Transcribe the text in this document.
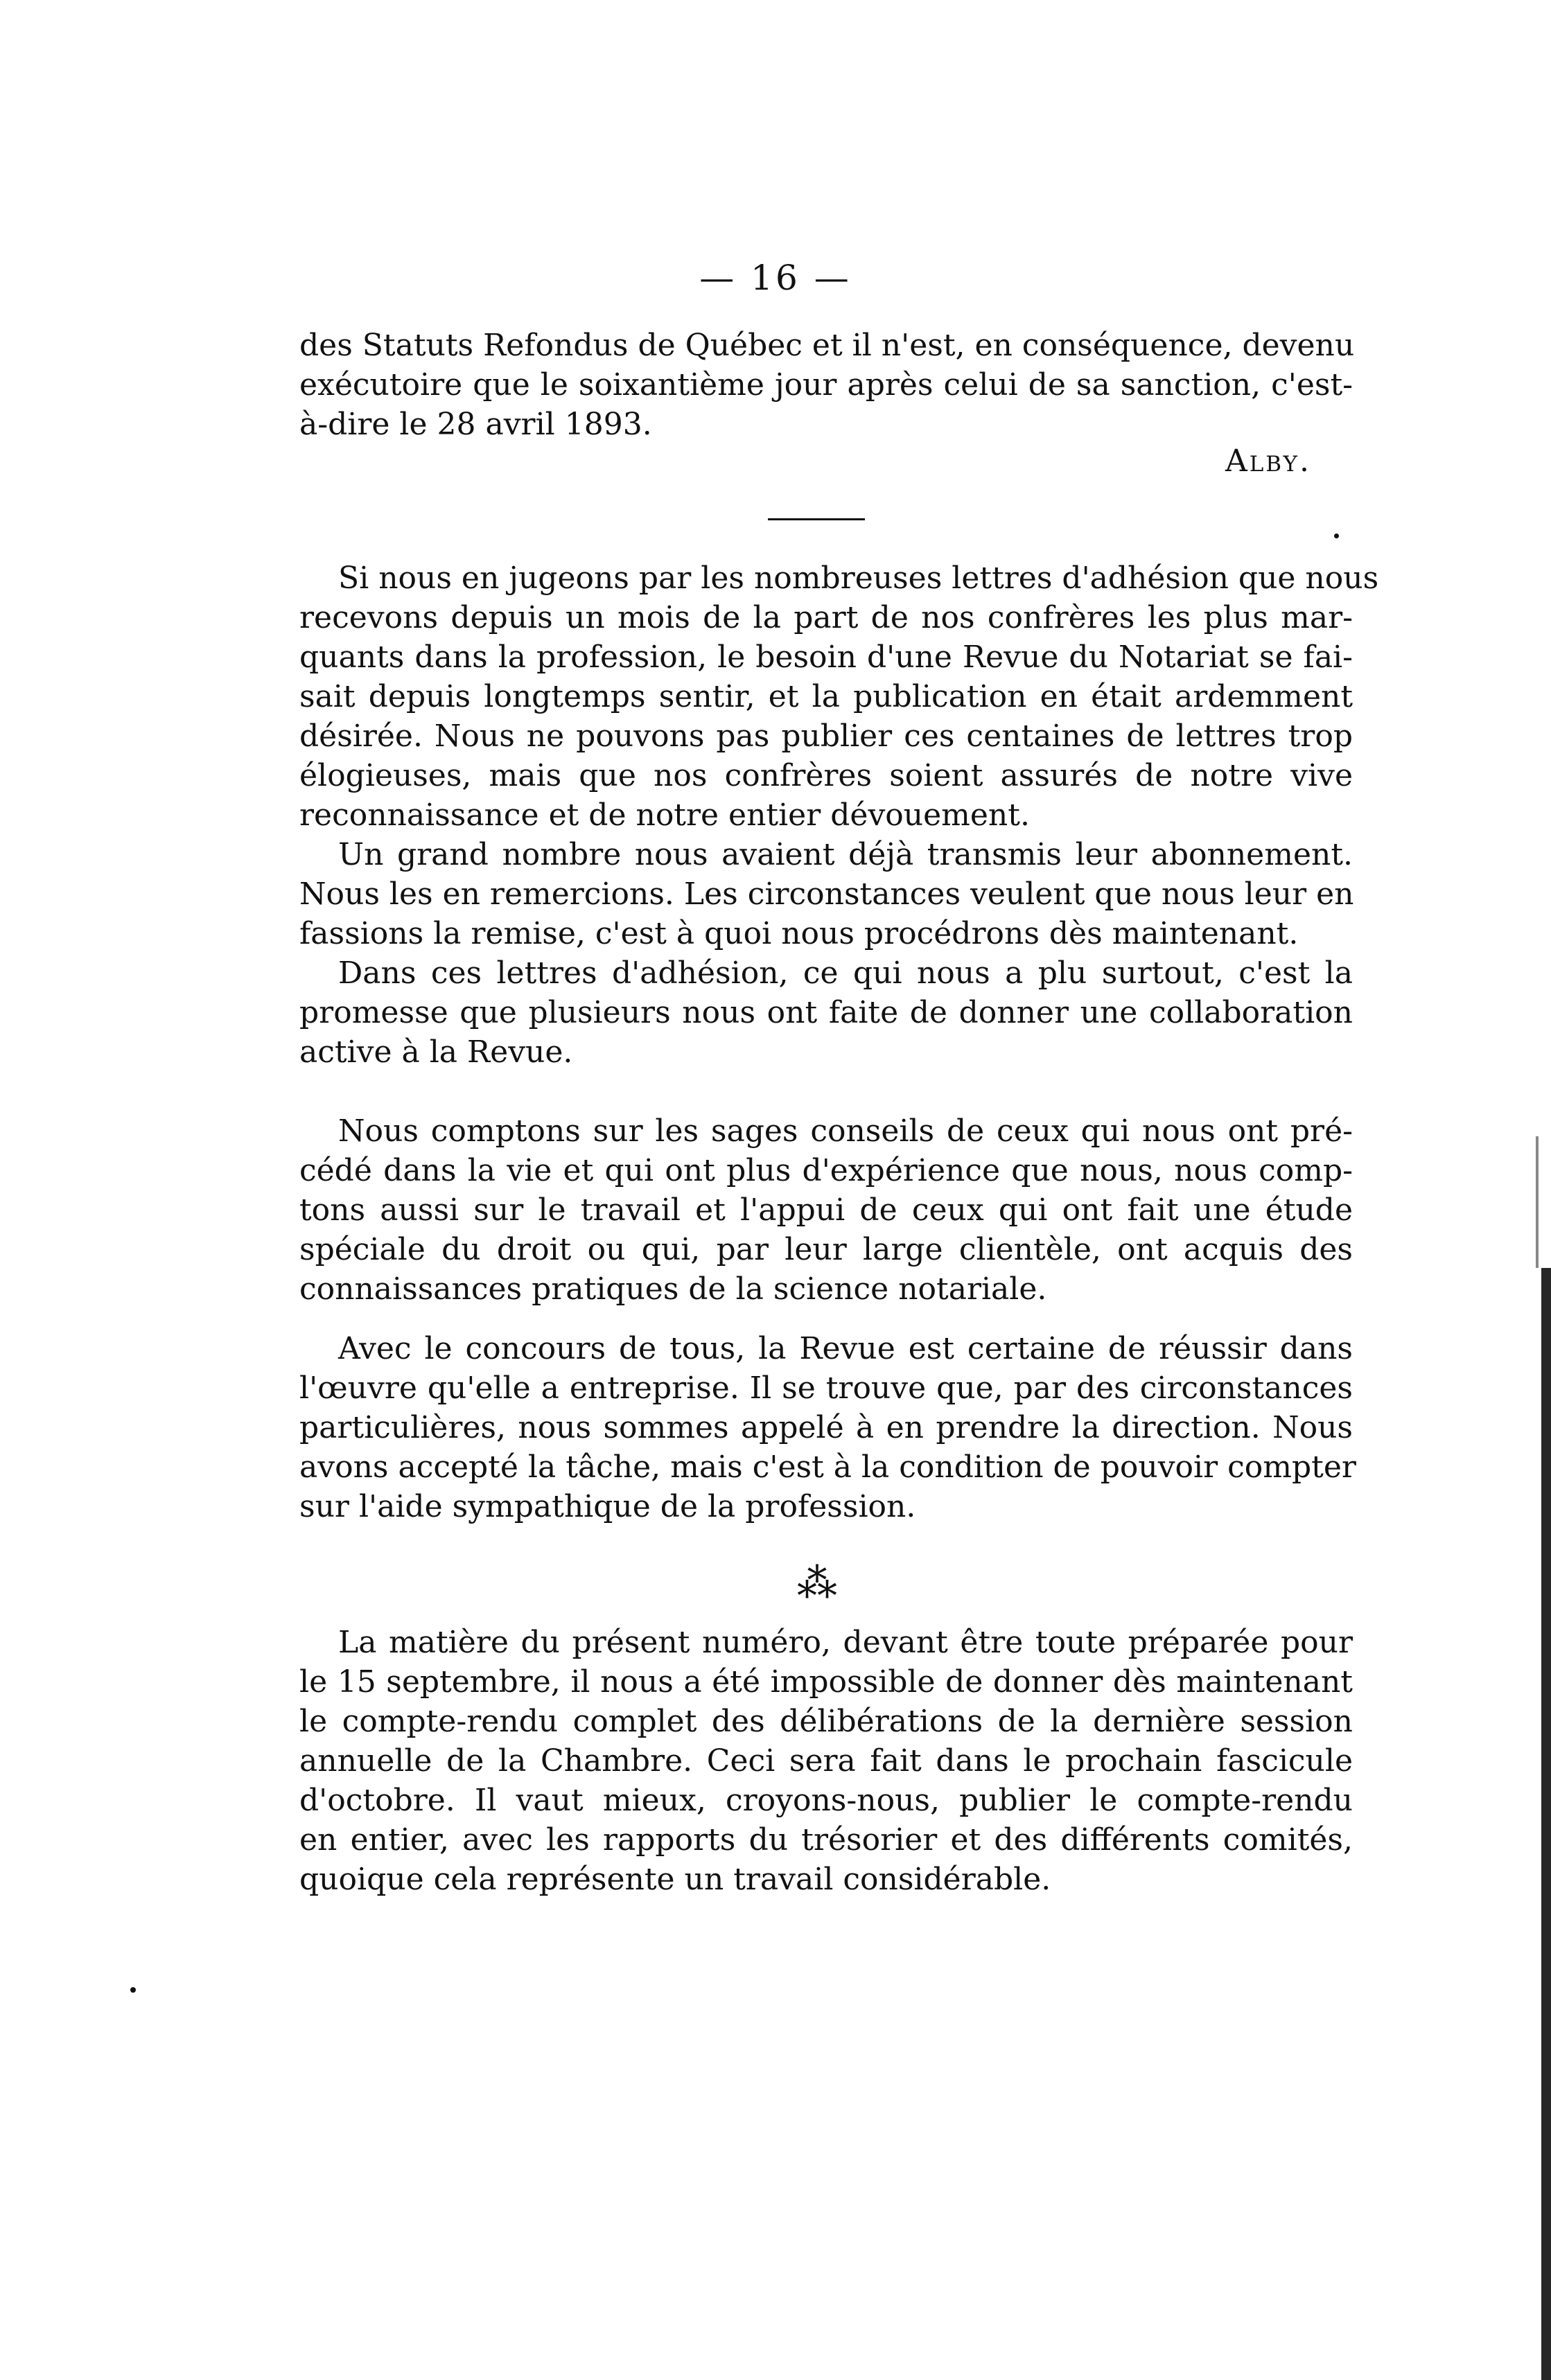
— 16 —
des Statuts Refondus de Québec et il n'est, en conséquence, devenu
exécutoire que le soixantième jour après celui de sa sanction, c'est-
à-dire le 28 avril 1893.
Alby.
Si nous en jugeons par les nombreuses lettres d'adhésion que nous
recevons depuis un mois de la part de nos confrères les plus mar-
quants dans la profession, le besoin d'une Revue du Notariat se fai-
sait depuis longtemps sentir, et la publication en était ardemment
désirée. Nous ne pouvons pas publier ces centaines de lettres trop
élogieuses, mais que nos confrères soient assurés de notre vive
reconnaissance et de notre entier dévouement.
Un grand nombre nous avaient déjà transmis leur abonnement.
Nous les en remercions. Les circonstances veulent que nous leur en
fassions la remise, c'est à quoi nous procédrons dès maintenant.
Dans ces lettres d'adhésion, ce qui nous a plu surtout, c'est la
promesse que plusieurs nous ont faite de donner une collaboration
active à la Revue.
Nous comptons sur les sages conseils de ceux qui nous ont pré-
cédé dans la vie et qui ont plus d'expérience que nous, nous comp-
tons aussi sur le travail et l'appui de ceux qui ont fait une étude
spéciale du droit ou qui, par leur large clientèle, ont acquis des
connaissances pratiques de la science notariale.
Avec le concours de tous, la Revue est certaine de réussir dans
l'œuvre qu'elle a entreprise. Il se trouve que, par des circonstances
particulières, nous sommes appelé à en prendre la direction. Nous
avons accepté la tâche, mais c'est à la condition de pouvoir compter
sur l'aide sympathique de la profession.
⁂
La matière du présent numéro, devant être toute préparée pour
le 15 septembre, il nous a été impossible de donner dès maintenant
le compte-rendu complet des délibérations de la dernière session
annuelle de la Chambre. Ceci sera fait dans le prochain fascicule
d'octobre. Il vaut mieux, croyons-nous, publier le compte-rendu
en entier, avec les rapports du trésorier et des différents comités,
quoique cela représente un travail considérable.
